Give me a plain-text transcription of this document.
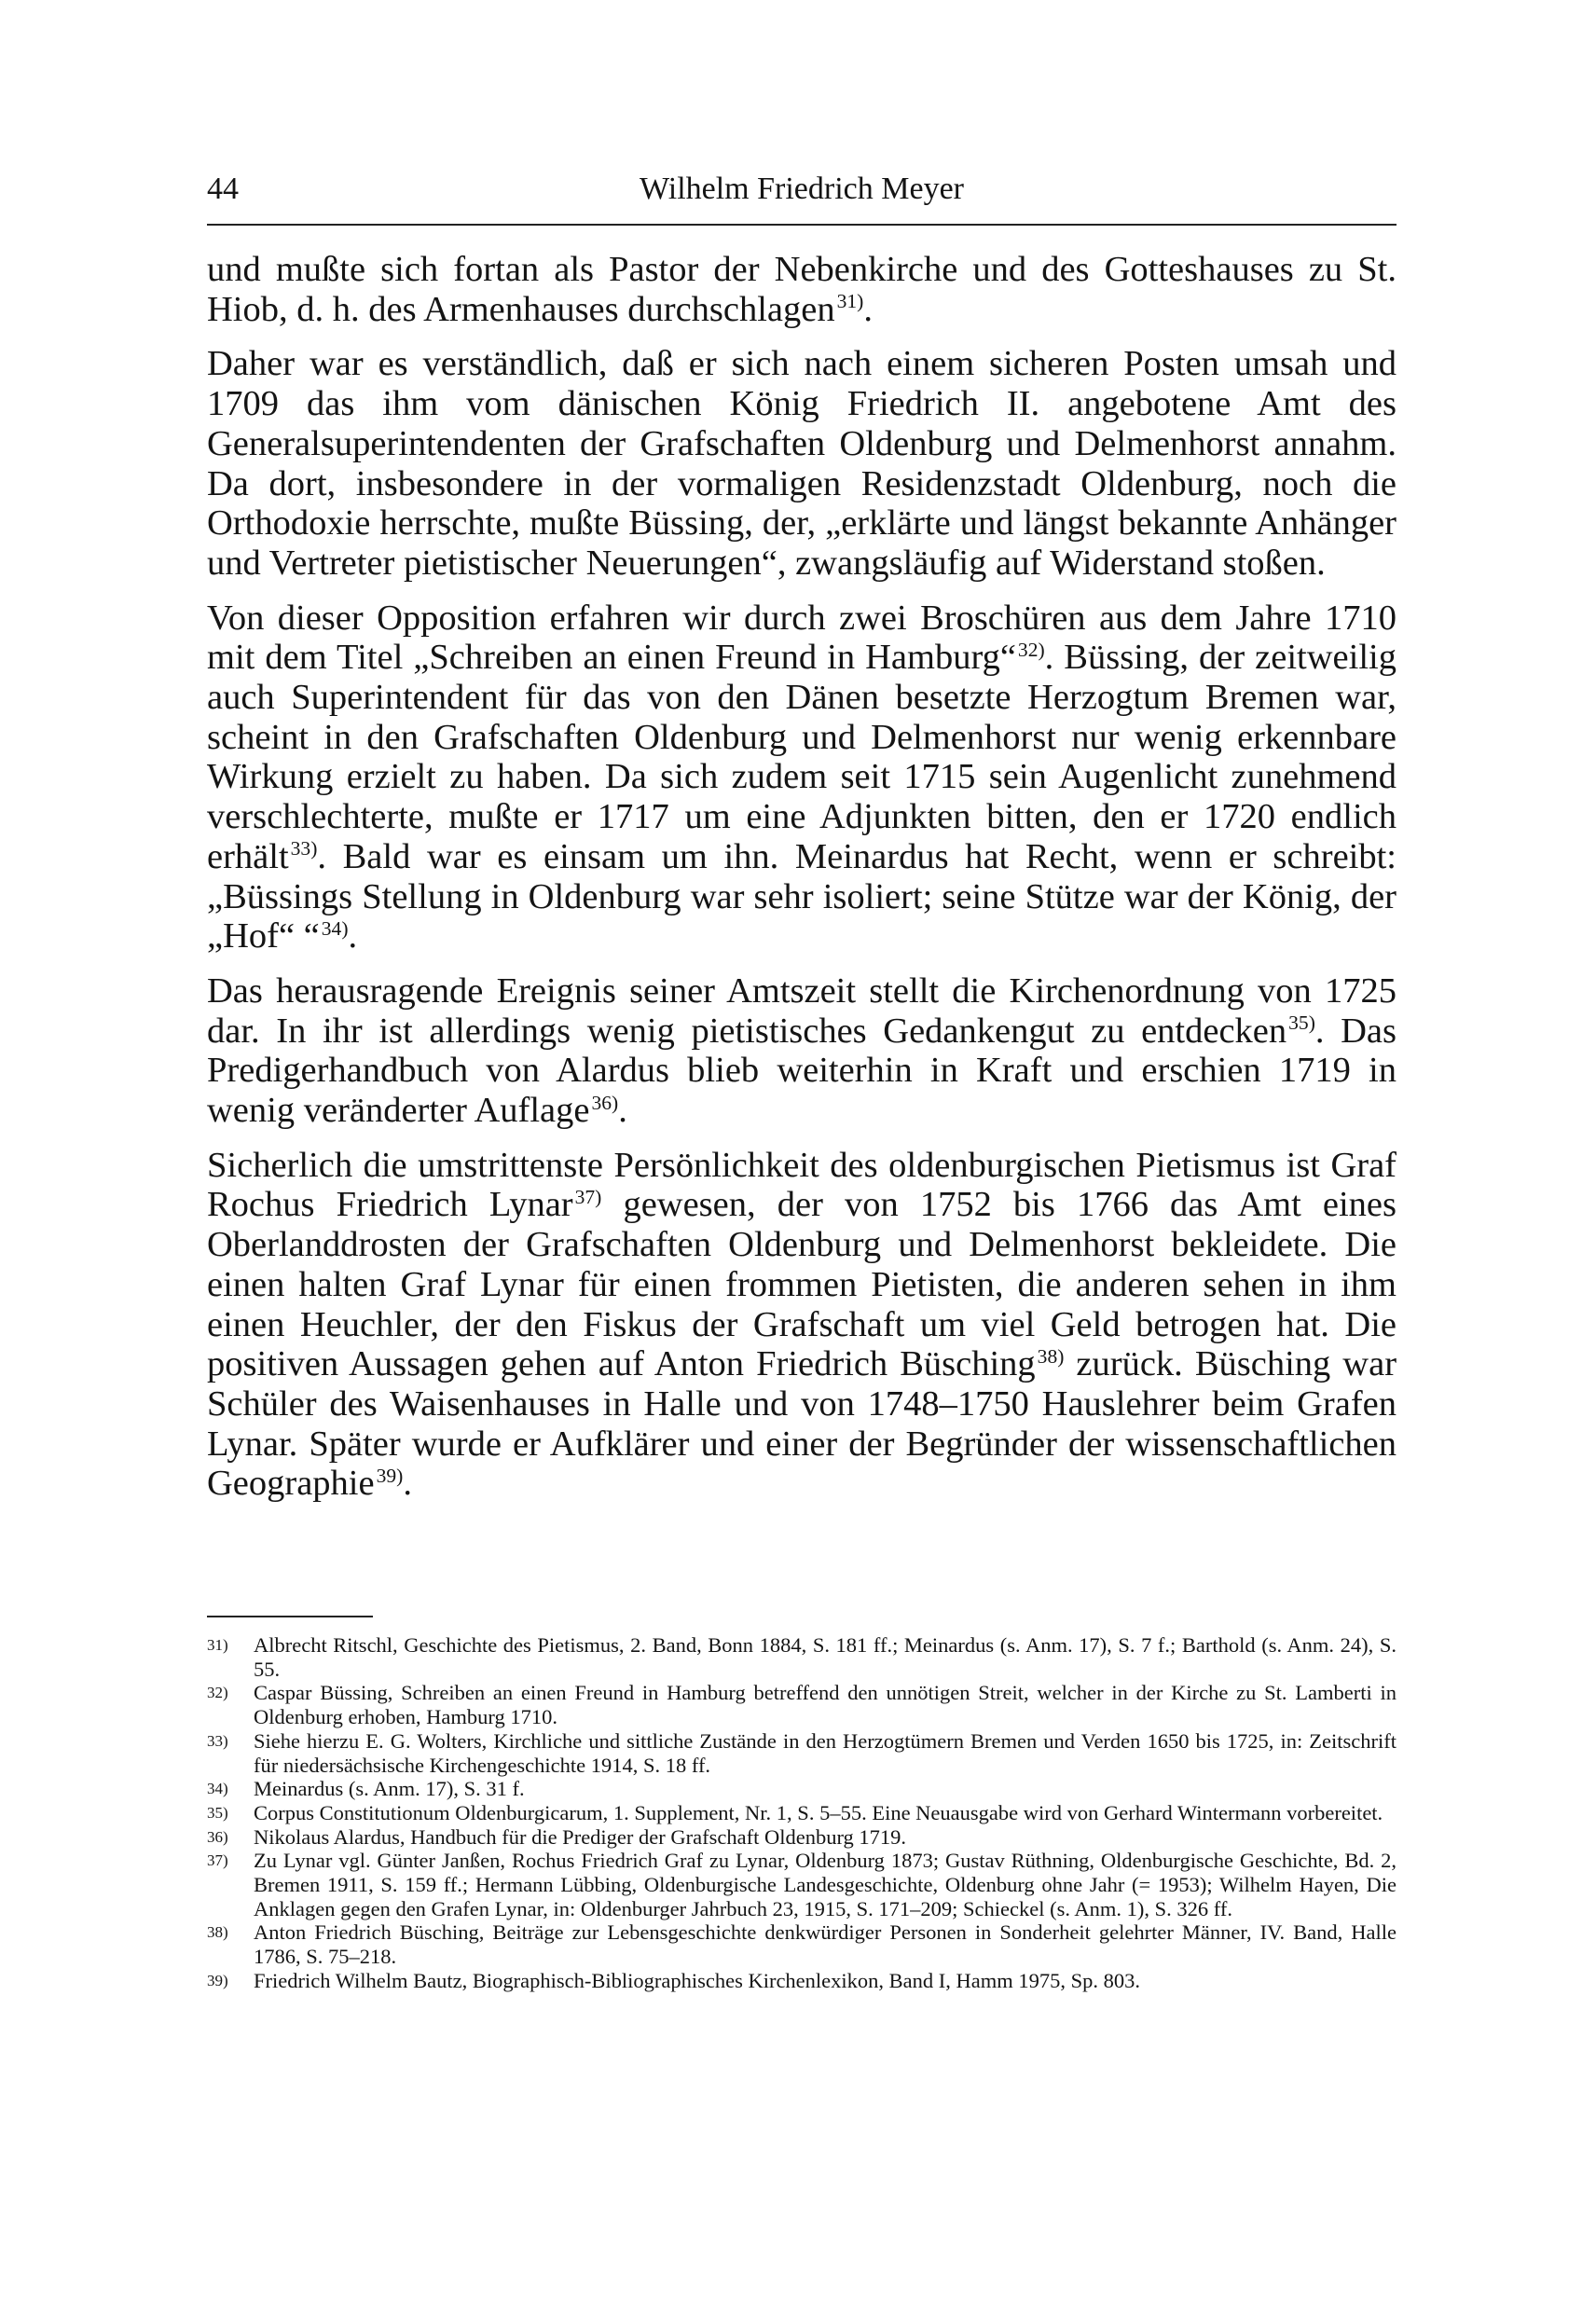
44	Wilhelm Friedrich Meyer

und mußte sich fortan als Pastor der Nebenkirche und des Gotteshauses zu St. Hiob, d. h. des Armenhauses durchschlagen$^{31)}$.

Daher war es verständlich, daß er sich nach einem sicheren Posten umsah und 1709 das ihm vom dänischen König Friedrich II. angebotene Amt des Generalsuperintendenten der Grafschaften Oldenburg und Delmenhorst annahm. Da dort, insbesondere in der vormaligen Residenzstadt Oldenburg, noch die Orthodoxie herrschte, mußte Büssing, der, „erklärte und längst bekannte Anhänger und Vertreter pietistischer Neuerungen“, zwangsläufig auf Widerstand stoßen.

Von dieser Opposition erfahren wir durch zwei Broschüren aus dem Jahre 1710 mit dem Titel „Schreiben an einen Freund in Hamburg“$^{32)}$. Büssing, der zeitweilig auch Superintendent für das von den Dänen besetzte Herzogtum Bremen war, scheint in den Grafschaften Oldenburg und Delmenhorst nur wenig erkennbare Wirkung erzielt zu haben. Da sich zudem seit 1715 sein Augenlicht zunehmend verschlechterte, mußte er 1717 um eine Adjunkten bitten, den er 1720 endlich erhält$^{33)}$. Bald war es einsam um ihn. Meinardus hat Recht, wenn er schreibt: „Büssings Stellung in Oldenburg war sehr isoliert; seine Stütze war der König, der „Hof“ “$^{34)}$.

Das herausragende Ereignis seiner Amtszeit stellt die Kirchenordnung von 1725 dar. In ihr ist allerdings wenig pietistisches Gedankengut zu entdecken$^{35)}$. Das Predigerhandbuch von Alardus blieb weiterhin in Kraft und erschien 1719 in wenig veränderter Auflage$^{36)}$.

Sicherlich die umstrittenste Persönlichkeit des oldenburgischen Pietismus ist Graf Rochus Friedrich Lynar$^{37)}$ gewesen, der von 1752 bis 1766 das Amt eines Oberlanddrosten der Grafschaften Oldenburg und Delmenhorst bekleidete. Die einen halten Graf Lynar für einen frommen Pietisten, die anderen sehen in ihm einen Heuchler, der den Fiskus der Grafschaft um viel Geld betrogen hat. Die positiven Aussagen gehen auf Anton Friedrich Büsching$^{38)}$ zurück. Büsching war Schüler des Waisenhauses in Halle und von 1748–1750 Hauslehrer beim Grafen Lynar. Später wurde er Aufklärer und einer der Begründer der wissenschaftlichen Geographie$^{39)}$.

31) Albrecht Ritschl, Geschichte des Pietismus, 2. Band, Bonn 1884, S. 181 ff.; Meinardus (s. Anm. 17), S. 7 f.; Barthold (s. Anm. 24), S. 55.

32) Caspar Büssing, Schreiben an einen Freund in Hamburg betreffend den unnötigen Streit, welcher in der Kirche zu St. Lamberti in Oldenburg erhoben, Hamburg 1710.

33) Siehe hierzu E. G. Wolters, Kirchliche und sittliche Zustände in den Herzogtümern Bremen und Verden 1650 bis 1725, in: Zeitschrift für niedersächsische Kirchengeschichte 1914, S. 18 ff.

34) Meinardus (s. Anm. 17), S. 31 f.

35) Corpus Constitutionum Oldenburgicarum, 1. Supplement, Nr. 1, S. 5–55. Eine Neuausgabe wird von Gerhard Wintermann vorbereitet.

36) Nikolaus Alardus, Handbuch für die Prediger der Grafschaft Oldenburg 1719.

37) Zu Lynar vgl. Günter Janßen, Rochus Friedrich Graf zu Lynar, Oldenburg 1873; Gustav Rüthning, Oldenburgische Geschichte, Bd. 2, Bremen 1911, S. 159 ff.; Hermann Lübbing, Oldenburgische Landesgeschichte, Oldenburg ohne Jahr (= 1953); Wilhelm Hayen, Die Anklagen gegen den Grafen Lynar, in: Oldenburger Jahrbuch 23, 1915, S. 171–209; Schieckel (s. Anm. 1), S. 326 ff.

38) Anton Friedrich Büsching, Beiträge zur Lebensgeschichte denkwürdiger Personen in Sonderheit gelehrter Männer, IV. Band, Halle 1786, S. 75–218.

39) Friedrich Wilhelm Bautz, Biographisch-Bibliographisches Kirchenlexikon, Band I, Hamm 1975, Sp. 803.
